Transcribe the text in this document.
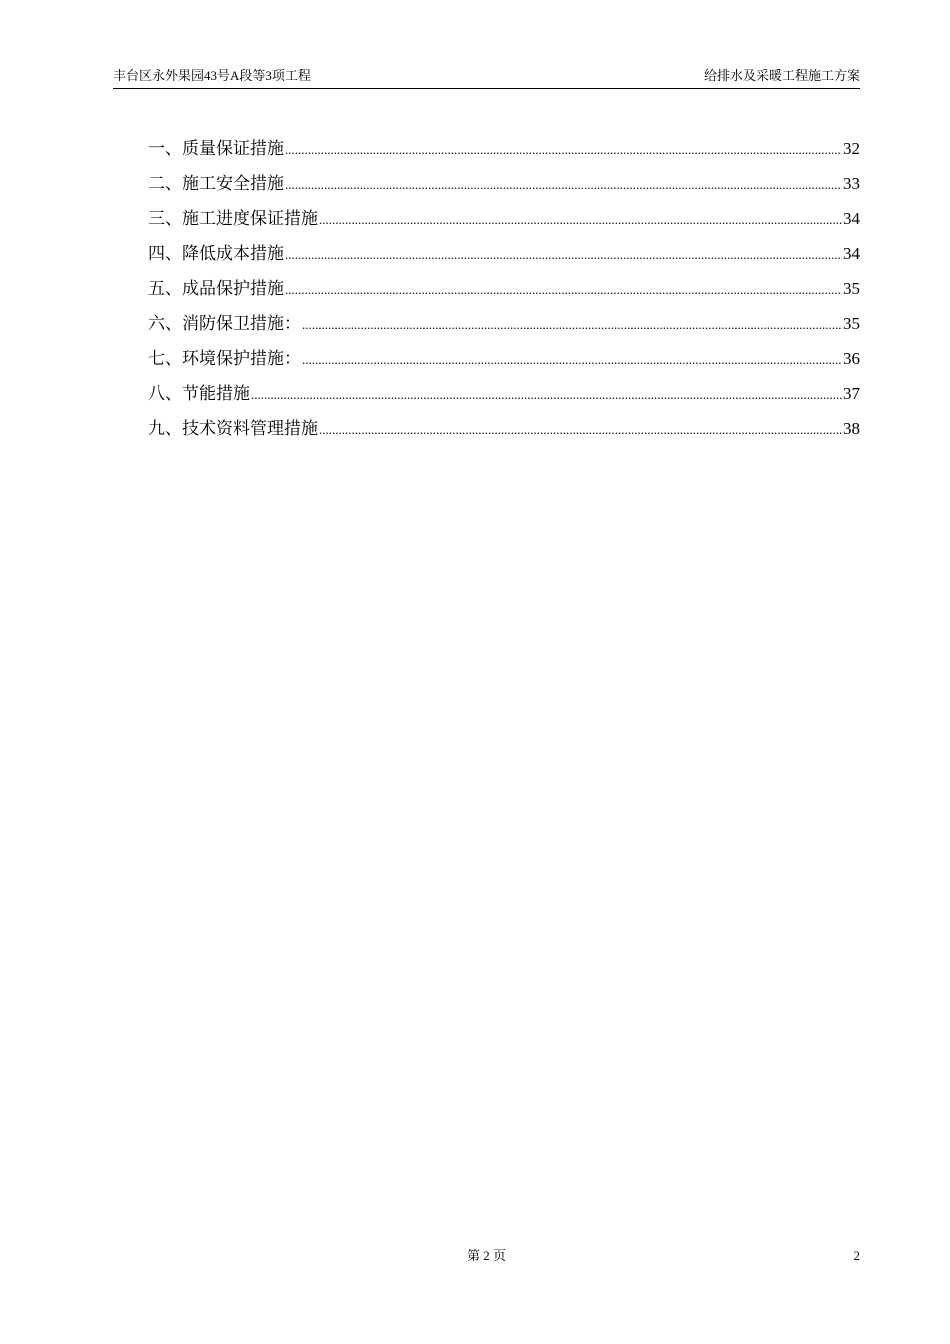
丰台区永外果园43号A段等3项工程	给排水及采暖工程施工方案
一、质量保证措施 .....	32
二、施工安全措施 .....	33
三、施工进度保证措施 .....	34
四、降低成本措施 .....	34
五、成品保护措施 .....	35
六、消防保卫措施： .....	35
七、环境保护措施： .....	36
八、节能措施 .....	37
九、技术资料管理措施 .....	38
第 2 页	2
